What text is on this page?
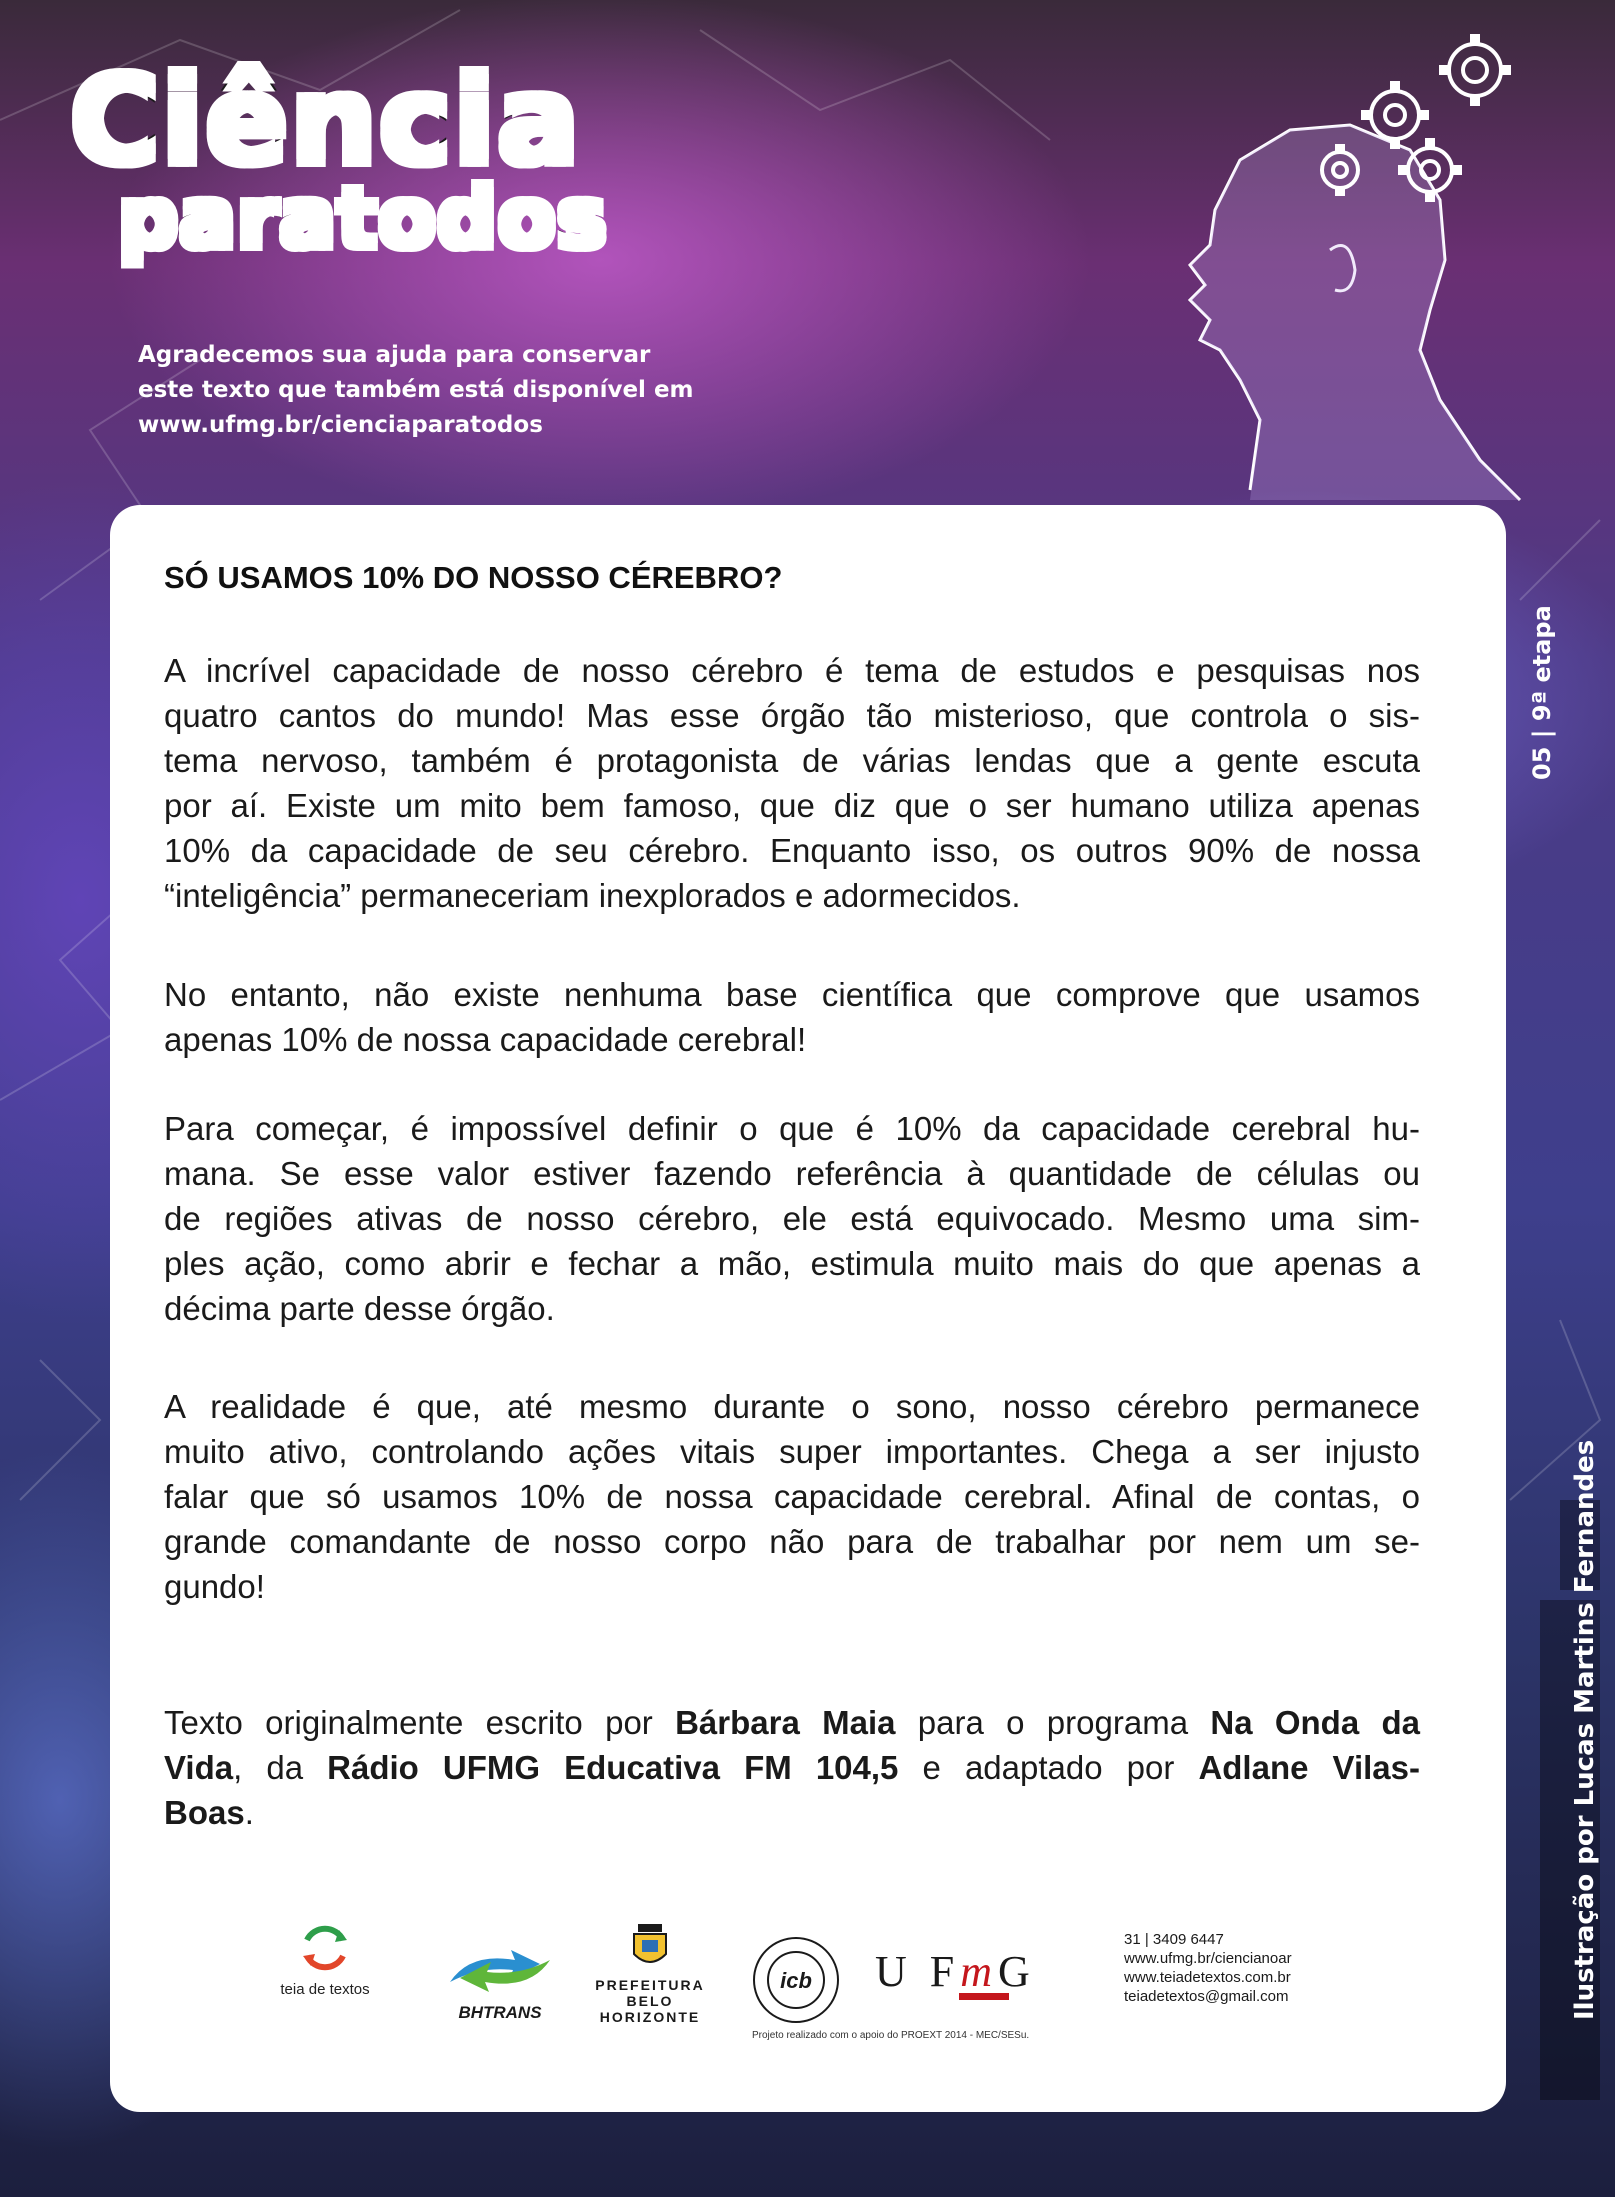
Ciência
paratodos
Agradecemos sua ajuda para conservar
este texto que também está disponível em
www.ufmg.br/cienciaparatodos
05 | 9ª etapa
Ilustração por Lucas Martins Fernandes
SÓ USAMOS 10% DO NOSSO CÉREBRO?
A incrível capacidade de nosso cérebro é tema de estudos e pesquisas nos
quatro cantos do mundo! Mas esse órgão tão misterioso, que controla o sis-
tema nervoso, também é protagonista de várias lendas que a gente escuta
por aí. Existe um mito bem famoso, que diz que o ser humano utiliza apenas
10% da capacidade de seu cérebro. Enquanto isso, os outros 90% de nossa
“inteligência” permaneceriam inexplorados e adormecidos.
No entanto, não existe nenhuma base científica que comprove que usamos
apenas 10% de nossa capacidade cerebral!
Para começar, é impossível definir o que é 10% da capacidade cerebral hu-
mana. Se esse valor estiver fazendo referência à quantidade de células ou
de regiões ativas de nosso cérebro, ele está equivocado. Mesmo uma sim-
ples ação, como abrir e fechar a mão, estimula muito mais do que apenas a
décima parte desse órgão.
A realidade é que, até mesmo durante o sono, nosso cérebro permanece
muito ativo, controlando ações vitais super importantes. Chega a ser injusto
falar que só usamos 10% de nossa capacidade cerebral. Afinal de contas, o
grande comandante de nosso corpo não para de trabalhar por nem um se-
gundo!
Texto originalmente escrito por Bárbara Maia para o programa Na Onda da
Vida, da Rádio UFMG Educativa FM 104,5 e adaptado por Adlane Vilas-
Boas.
teia de textos
BHTRANS
PREFEITURA
BELO HORIZONTE
icb U FmG
31 | 3409 6447
www.ufmg.br/ciencianoar
www.teiadetextos.com.br
teiadetextos@gmail.com
Projeto realizado com o apoio do PROEXT 2014 - MEC/SESu.
